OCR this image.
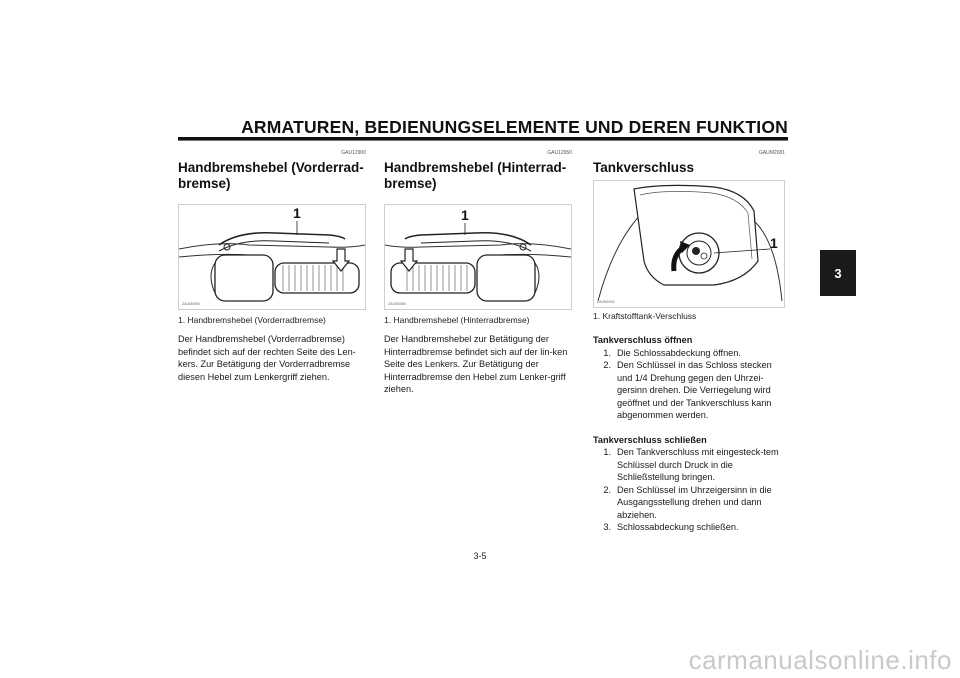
ARMATUREN, BEDIENUNGSELEMENTE UND DEREN FUNKTION
3
GAU12900
Handbremshebel (Vorderrad-bremse)
1
ZAUM0084
1. Handbremshebel (Vorderradbremse)
Der Handbremshebel (Vorderradbremse) befindet sich auf der rechten Seite des Len-kers. Zur Betätigung der Vorderradbremse diesen Hebel zum Lenkergriff ziehen.
GAU12950
Handbremshebel (Hinterrad-bremse)
1
ZAUM0085
1. Handbremshebel (Hinterradbremse)
Der Handbremshebel zur Betätigung der Hinterradbremse befindet sich auf der lin-ken Seite des Lenkers. Zur Betätigung der Hinterradbremse den Hebel zum Lenker-griff ziehen.
GAUM2081
Tankverschluss
1
ZAUM0092
1. Kraftstofftank-Verschluss
Tankverschluss öffnen
1. Die Schlossabdeckung öffnen.
2. Den Schlüssel in das Schloss stecken und 1/4 Drehung gegen den Uhrzei-gersinn drehen. Die Verriegelung wird geöffnet und der Tankverschluss kann abgenommen werden.
Tankverschluss schließen
1. Den Tankverschluss mit eingesteck-tem Schlüssel durch Druck in die Schließstellung bringen.
2. Den Schlüssel im Uhrzeigersinn in die Ausgangsstellung drehen und dann abziehen.
3. Schlossabdeckung schließen.
3-5
carmanualsonline.info
